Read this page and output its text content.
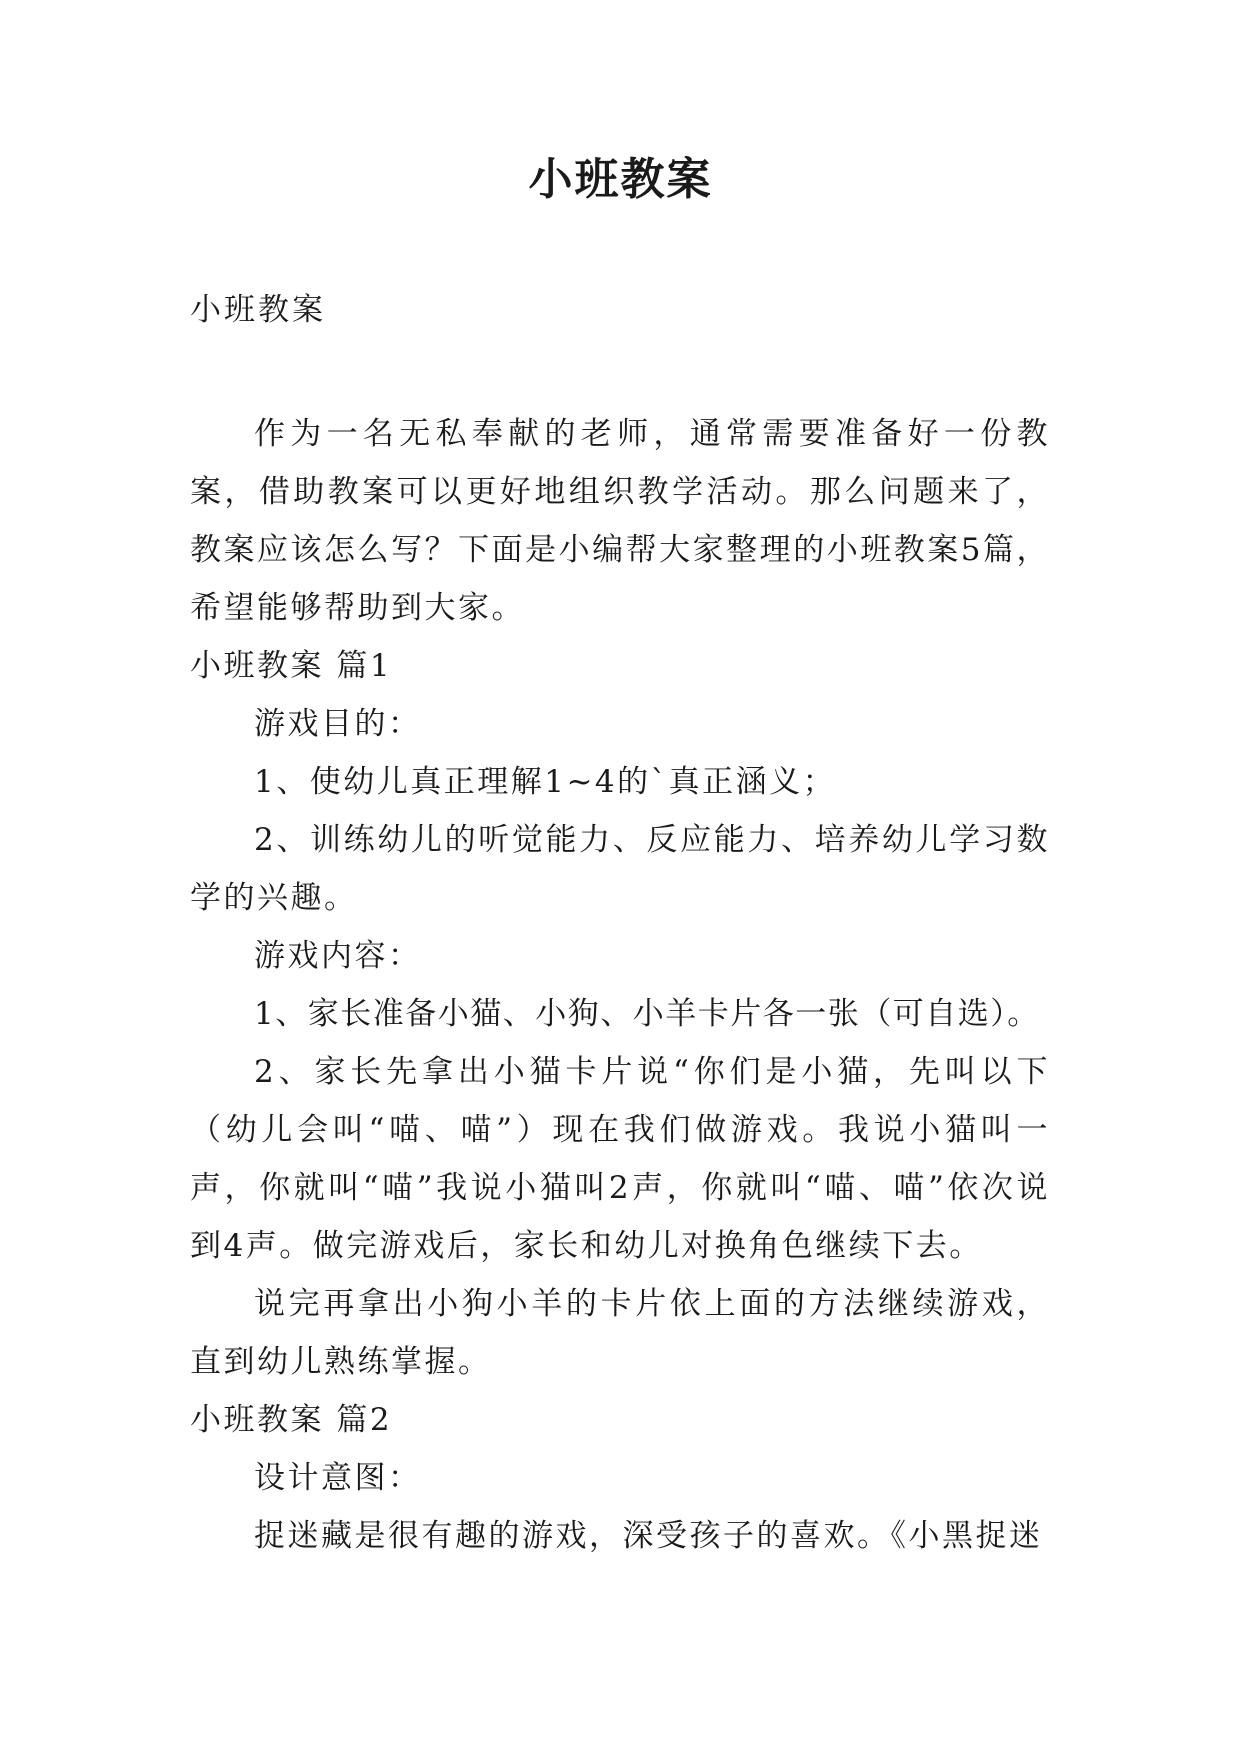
小班教案
小班教案

作为一名无私奉献的老师，通常需要准备好一份教案，借助教案可以更好地组织教学活动。那么问题来了，教案应该怎么写？下面是小编帮大家整理的小班教案5篇，希望能够帮助到大家。

小班教案 篇1

游戏目的：

1、使幼儿真正理解1~4的`真正涵义；

2、训练幼儿的听觉能力、反应能力、培养幼儿学习数学的兴趣。

游戏内容：

1、家长准备小猫、小狗、小羊卡片各一张（可自选）。

2、家长先拿出小猫卡片说“你们是小猫，先叫以下（幼儿会叫“喵、喵”）现在我们做游戏。我说小猫叫一声，你就叫“喵”我说小猫叫2声，你就叫“喵、喵”依次说到4声。做完游戏后，家长和幼儿对换角色继续下去。

说完再拿出小狗小羊的卡片依上面的方法继续游戏，直到幼儿熟练掌握。

小班教案 篇2

设计意图：

捉迷藏是很有趣的游戏，深受孩子的喜欢。《小黑捉迷
